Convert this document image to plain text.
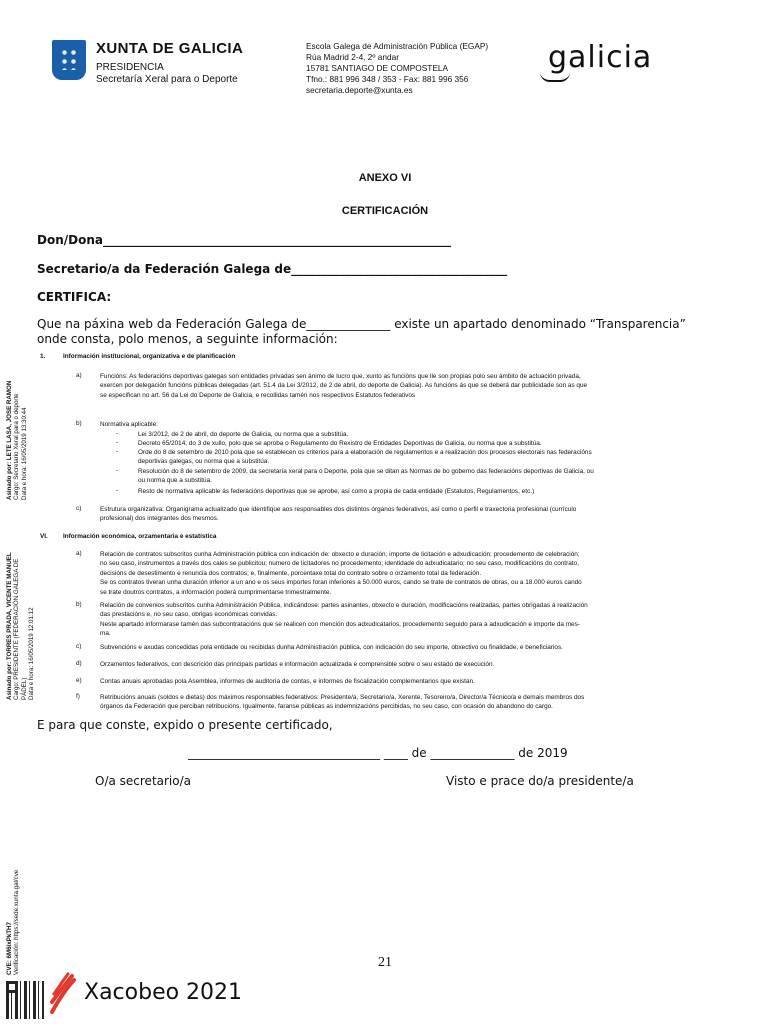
XUNTA DE GALICIA
PRESIDENCIA
Secretaría Xeral para o Deporte
Escola Galega de Administración Pública (EGAP)
Rúa Madrid 2-4, 2º andar
15781 SANTIAGO DE COMPOSTELA
Tfno.: 881 996 348 / 353 - Fax: 881 996 356
secretaria.deporte@xunta.es
galicia
ANEXO VI
CERTIFICACIÓN
Don/Dona__________________________________________________________
Secretario/a da Federación Galega de____________________________________
CERTIFICA:
Que na páxina web da Federación Galega de______________ existe un apartado denominado “Transparencia”
onde consta, polo menos, a seguinte información:
1.	Información institucional, organizativa e de planificación
a)	Funcións: As federacións deportivas galegas son entidades privadas sen ánimo de lucro que, xunto as funcións que lle son propias polo seu ámbito de actuación privada,
exercen por delegación funcións públicas delegadas (art. 51.4 da Lei 3/2012, de 2 de abril, do deporte de Galicia). As funcións ás que se deberá dar publicidade son as que
se especifican no art. 56 da Lei do Deporte de Galicia, e recollidas tamén nos respectivos Estatutos federativos
b)	Normativa aplicable:
-	Lei 3/2012, de 2 de abril, do deporte de Galicia, ou norma que a substitúa.
-	Decreto 65/2014, do 3 de xullo, polo que se aproba o Regulamento do Rexistro de Entidades Deportivas de Galicia, ou norma que a substitúa.
-	Orde do 8 de setembro de 2010 pola que se establecen os criterios para a elaboración de regulamentos e a realización dos procesos electorais nas federacións
deportivas galegas, ou norma que a substitúa.
-	Resolución do 8 de setembro de 2009, da secretaría xeral para o Deporte, pola que se ditan as Normas de bo goberno das federacións deportivas de Galicia, ou
ou norma que a substitúa.
-	Resto de normativa aplicable ás federacións deportivas que se aprobe, así como a propia de cada entidade (Estatutos, Regulamentos, etc.)
c)	Estrutura organizativa: Organigrama actualizado que identifique aos responsables dos distintos órganos federativos, así como o perfil e traxectoria profesional (currículo
profesional) dos integrantes dos mesmos.
VI. Información económica, orzamentaria e estatística
a)	Relación de contratos subscritos cunha Administración pública con indicación de: obxecto e duración; importe de licitación e adxudicación; procedemento de celebración;
no seu caso, instrumentos a través dos cales se publicitou; numero de licitadores no procedemento; identidade do adxudicatario; no seu caso, modificacións do contrato,
decisións de desestimento e renuncia dos contratos; e, finalmente, porcentaxe total do contrato sobre o orzamento total da federación.
Se os contratos tiveran unha duración inferior a un ano e os seus importes foran inferiores a 50.000 euros, cando se trate de contratos de obras, ou a 18.000 euros cando
se trate doutros contratos, a información poderá cumprimentarse trimestralmente.
b)	Relación de convenios subscritos cunha Administración Pública, indicándose: partes asinantes, obxecto e duración, modificacións realizadas, partes obrigadas á realización
das prestacións e, no seu caso, obrigas económicas convidas.
Neste apartado informarase tamén das subcontratacións que se realicen con mención dos adxudicatarios, procedemento seguido para a adxudicación e importe da mes-
ma.
c)	Subvencións e axudas concedidas pola entidade ou recibidas dunha Administración pública, con indicación do seu importe, obxectivo ou finalidade, e beneficiarios.
d)	Orzamentos federativos, con descrición das principais partidas e información actualizada e comprensible sobre o seu estado de execución.
e)	Contas anuais aprobadas pola Asemblea, informes de auditoría de contas, e informes de fiscalización complementarios que existan.
f)	Retribucións anuais (soldos e dietas) dos máximos responsables federativos: Presidente/a, Secretario/a, Xerente, Tesoreiro/a, Director/a Técnico/a e demais membros dos
órganos da Federación que perciban retribucións. Igualmente, faranse públicas as indemnizacións percibidas, no seu caso, con ocasión do abandono do cargo.
E para que conste, expido o presente certificado,
________________________________ ____ de ______________ de 2019
O/a secretario/a	Visto e prace do/a presidente/a
21
Asinado por: LETE LASA, JOSE RAMON Cargo: Secretario Xeral para o deporte Data e hora: 16/05/2019 13:30:44
Asinado por: TORRES PRADA, VICENTE MANUEL Cargo: PRESIDENTE (FEDERACIÓN GALEGA DE PÁDEL) Data e hora: 16/05/2019 12:01:12
CVE: 6M6ixPkTH7 Verificación: https://sede.xunta.gal/cve
Xacobeo 2021
